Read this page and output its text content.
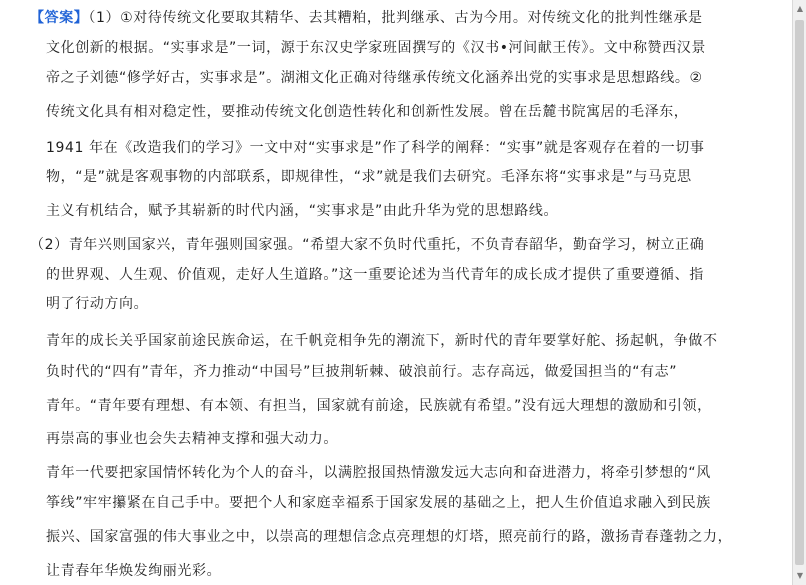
【答案】（1）①对待传统文化要取其精华、去其糟粕，批判继承、古为今用。对传统文化的批判性继承是
文化创新的根据。“实事求是”一词，源于东汉史学家班固撰写的《汉书•河间献王传》。文中称赞西汉景
帝之子刘德“修学好古，实事求是”。湖湘文化正确对待继承传统文化涵养出党的实事求是思想路线。②
传统文化具有相对稳定性，要推动传统文化创造性转化和创新性发展。曾在岳麓书院寓居的毛泽东，
1941 年在《改造我们的学习》一文中对“实事求是”作了科学的阐释：“实事”就是客观存在着的一切事
物，“是”就是客观事物的内部联系，即规律性，“求”就是我们去研究。毛泽东将“实事求是”与马克思
主义有机结合，赋予其崭新的时代内涵，“实事求是”由此升华为党的思想路线。
（2）青年兴则国家兴，青年强则国家强。“希望大家不负时代重托，不负青春韶华，勤奋学习，树立正确
的世界观、人生观、价值观，走好人生道路。”这一重要论述为当代青年的成长成才提供了重要遵循、指
明了行动方向。
青年的成长关乎国家前途民族命运，在千帆竞相争先的潮流下，新时代的青年要掌好舵、扬起帆，争做不
负时代的“四有”青年，齐力推动“中国号”巨披荆斩棘、破浪前行。志存高远，做爱国担当的“有志”
青年。“青年要有理想、有本领、有担当，国家就有前途，民族就有希望。”没有远大理想的激励和引领，
再崇高的事业也会失去精神支撑和强大动力。
青年一代要把家国情怀转化为个人的奋斗，以满腔报国热情激发远大志向和奋进潜力，将牵引梦想的“风
筝线”牢牢攥紧在自己手中。要把个人和家庭幸福系于国家发展的基础之上，把人生价值追求融入到民族
振兴、国家富强的伟大事业之中，以崇高的理想信念点亮理想的灯塔，照亮前行的路，激扬青春蓬勃之力，
让青春年华焕发绚丽光彩。
▲
▼
